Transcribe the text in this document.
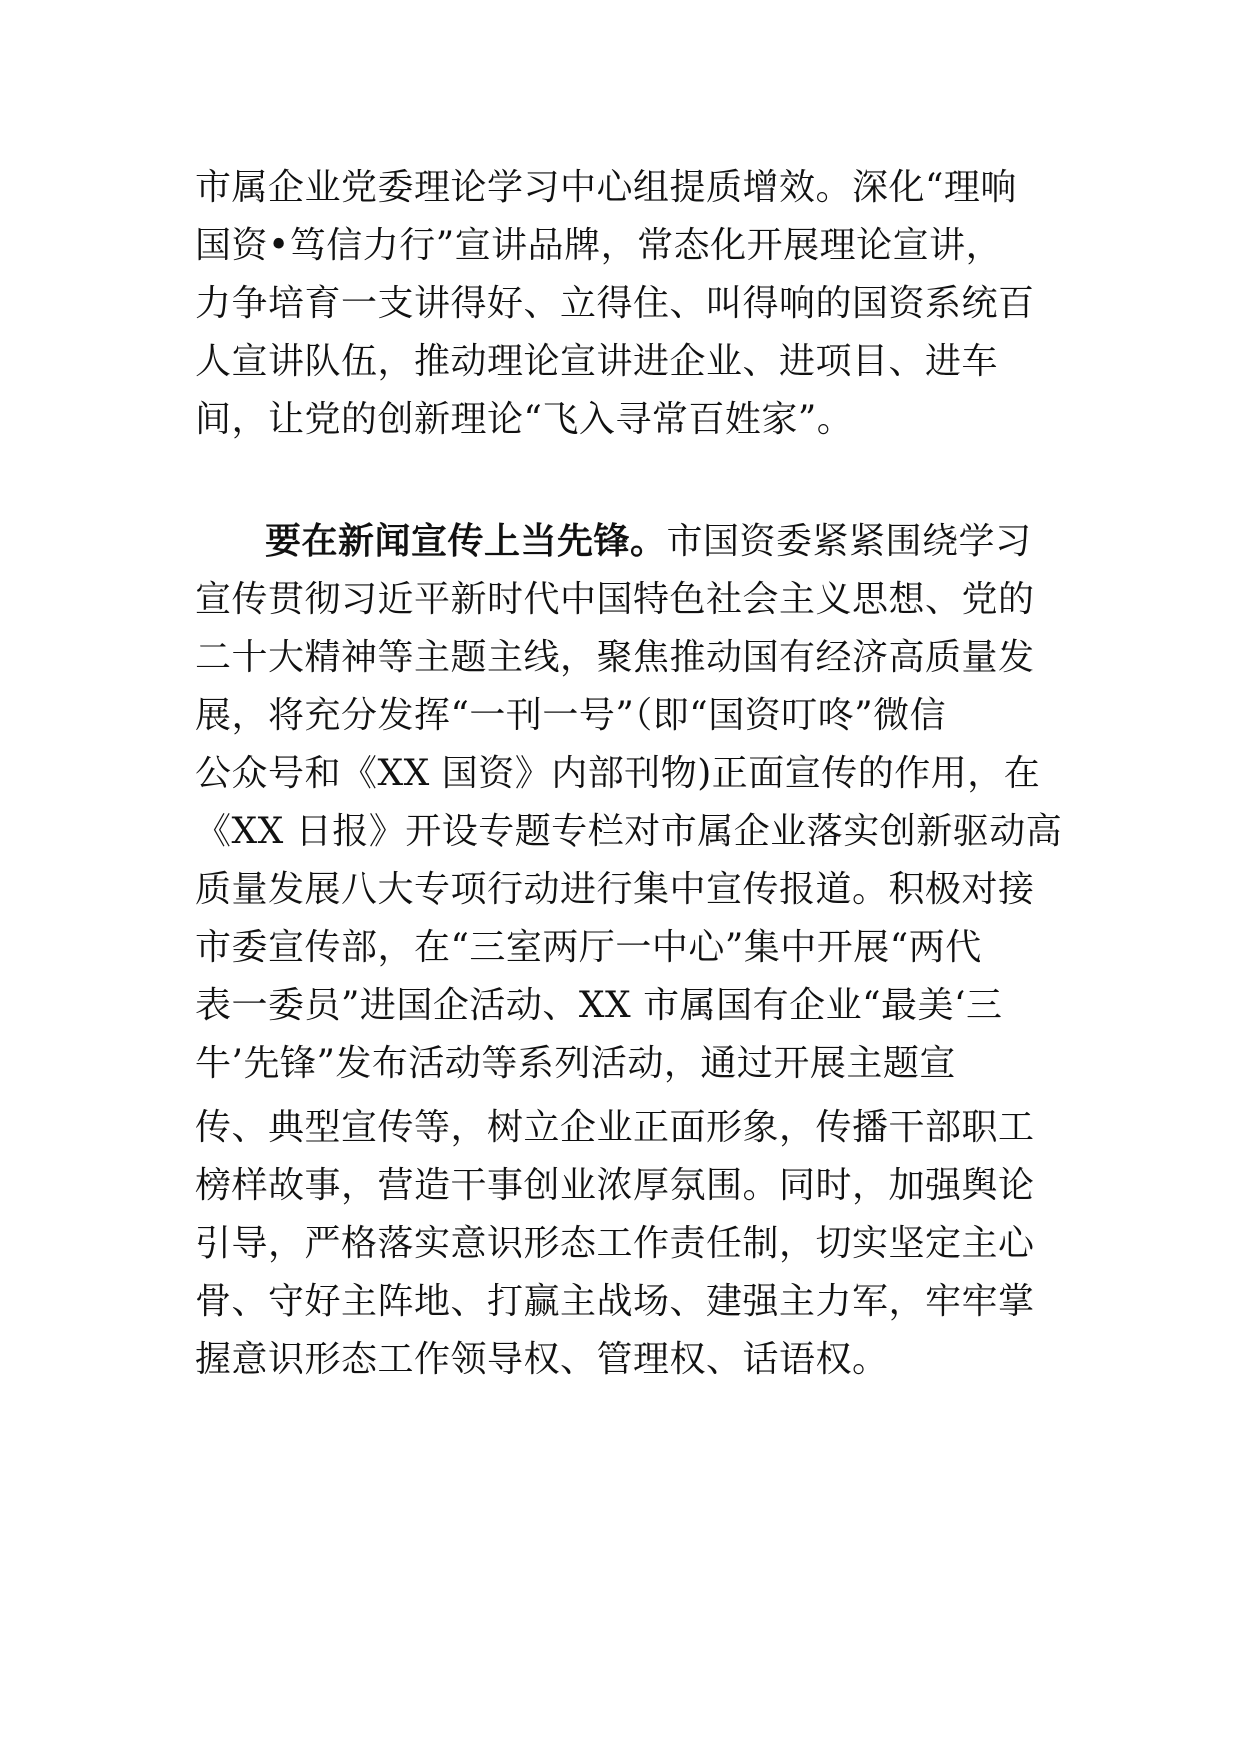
市属企业党委理论学习中心组提质增效。深化“理响
国资•笃信力行”宣讲品牌，常态化开展理论宣讲，
力争培育一支讲得好、立得住、叫得响的国资系统百
人宣讲队伍，推动理论宣讲进企业、进项目、进车
间，让党的创新理论“飞入寻常百姓家”。
要在新闻宣传上当先锋。市国资委紧紧围绕学习
宣传贯彻习近平新时代中国特色社会主义思想、党的
二十大精神等主题主线，聚焦推动国有经济高质量发
展，将充分发挥“一刊一号”（即“国资叮咚”微信
公众号和《XX 国资》内部刊物)正面宣传的作用，在
《XX 日报》开设专题专栏对市属企业落实创新驱动高
质量发展八大专项行动进行集中宣传报道。积极对接
市委宣传部，在“三室两厅一中心”集中开展“两代
表一委员”进国企活动、XX 市属国有企业“最美‘三
牛’先锋”发布活动等系列活动，通过开展主题宣
传、典型宣传等，树立企业正面形象，传播干部职工
榜样故事，营造干事创业浓厚氛围。同时，加强舆论
引导，严格落实意识形态工作责任制，切实坚定主心
骨、守好主阵地、打赢主战场、建强主力军，牢牢掌
握意识形态工作领导权、管理权、话语权。
